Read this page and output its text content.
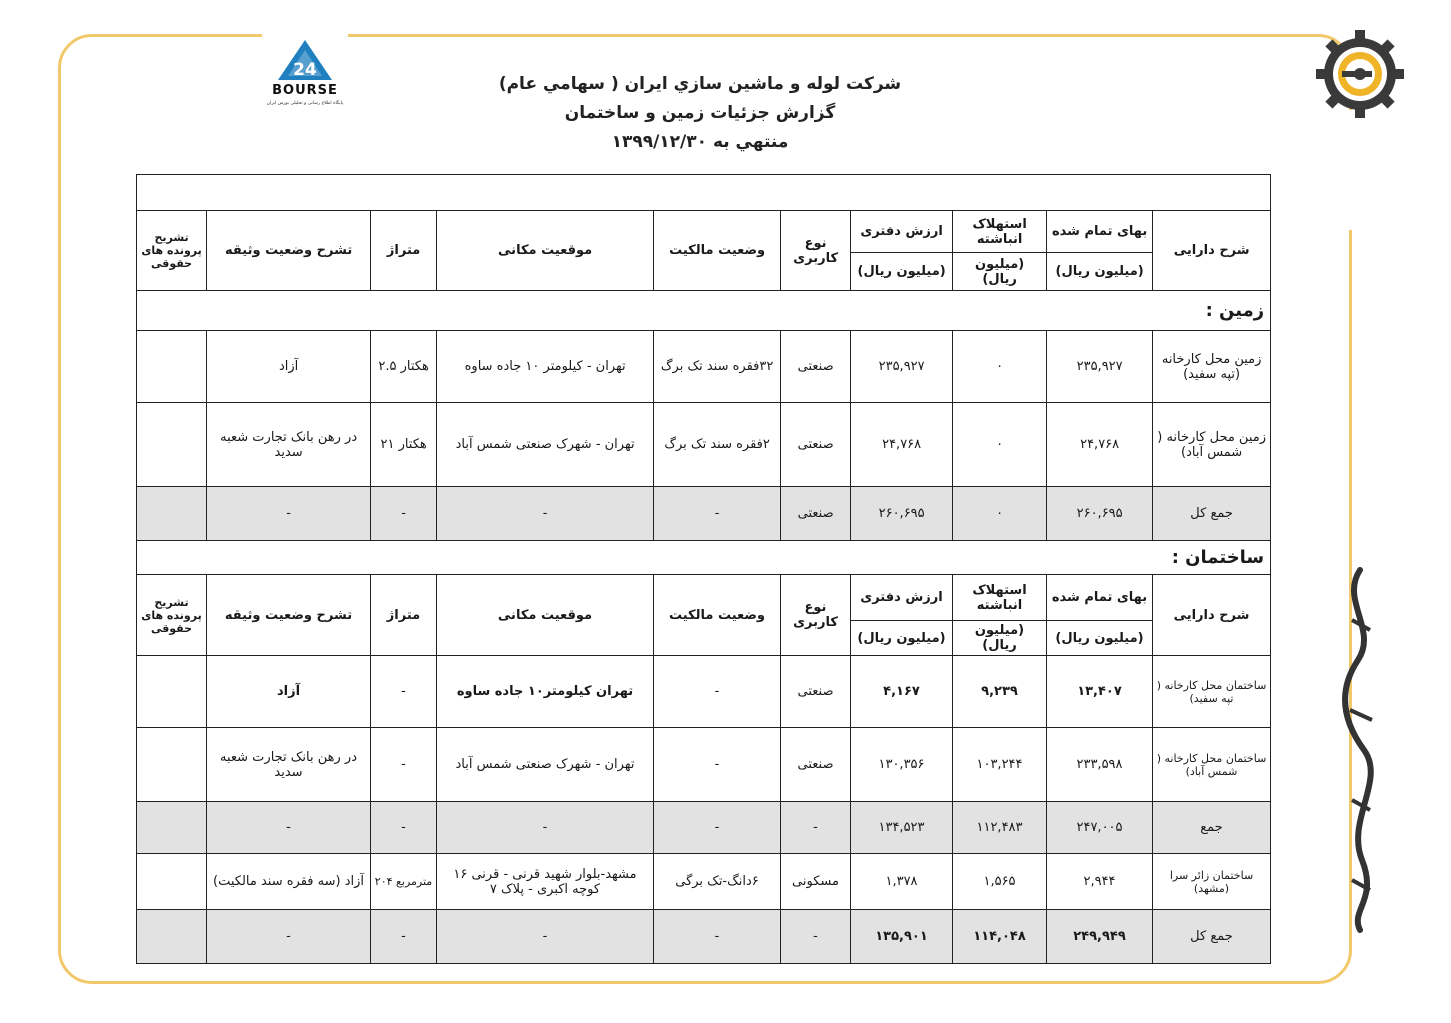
24
BOURSE
پایگاه اطلاع رسانی و تحلیلی بورس ایران
شركت لوله و ماشين سازي ايران ( سهامي عام)
گزارش جزئيات زمين و ساختمان
منتهي به ۱۳۹۹/۱۲/۳۰

شرح دارایی	بهای تمام شده	استهلاک انباشته	ارزش دفتری	نوع کاربری	وضعیت مالکیت	موقعیت مکانی	متراژ	تشرح وضعیت وثیقه	تشریح پرونده های حقوقی
	(میلیون ریال)	(میلیون ریال)	(میلیون ریال)						
زمین :									
زمین محل کارخانه (تپه سفید)	۲۳۵,۹۲۷	۰	۲۳۵,۹۲۷	صنعتی	۳۲فقره سند تک برگ	تهران - کیلومتر ۱۰ جاده ساوه	هکتار ۲.۵	آزاد	
زمین محل کارخانه ( شمس آباد)	۲۴,۷۶۸	۰	۲۴,۷۶۸	صنعتی	۲فقره سند تک برگ	تهران - شهرک صنعتی شمس آباد	هکتار ۲۱	در رهن بانک تجارت شعبه سدید	
جمع کل	۲۶۰,۶۹۵	۰	۲۶۰,۶۹۵	صنعتی	-	-	-	-	
ساختمان :									
شرح دارایی	بهای تمام شده	استهلاک انباشته	ارزش دفتری	نوع کاربری	وضعیت مالکیت	موقعیت مکانی	متراژ	تشرح وضعیت وثیقه	تشریح پرونده های حقوقی
	(میلیون ریال)	(میلیون ریال)	(میلیون ریال)						
ساختمان محل کارخانه ( تپه سفید)	۱۳,۴۰۷	۹,۲۳۹	۴,۱۶۷	صنعتی	-	تهران کیلومتر۱۰ جاده ساوه	-	آزاد	
ساختمان محل کارخانه ( شمس آباد)	۲۳۳,۵۹۸	۱۰۳,۲۴۴	۱۳۰,۳۵۶	صنعتی	-	تهران - شهرک صنعتی شمس آباد	-	در رهن بانک تجارت شعبه سدید	
جمع	۲۴۷,۰۰۵	۱۱۲,۴۸۳	۱۳۴,۵۲۳	-	-	-	-	-	
ساختمان زائر سرا (مشهد)	۲,۹۴۴	۱,۵۶۵	۱,۳۷۸	مسکونی	۶دانگ-تک برگی	مشهد-بلوار شهید قرنی - قرنی ۱۶ کوچه اکبری - پلاک ۷	مترمربع ۲۰۴	آزاد (سه فقره سند مالکیت)	
جمع کل	۲۴۹,۹۴۹	۱۱۴,۰۴۸	۱۳۵,۹۰۱	-	-	-	-	-	
